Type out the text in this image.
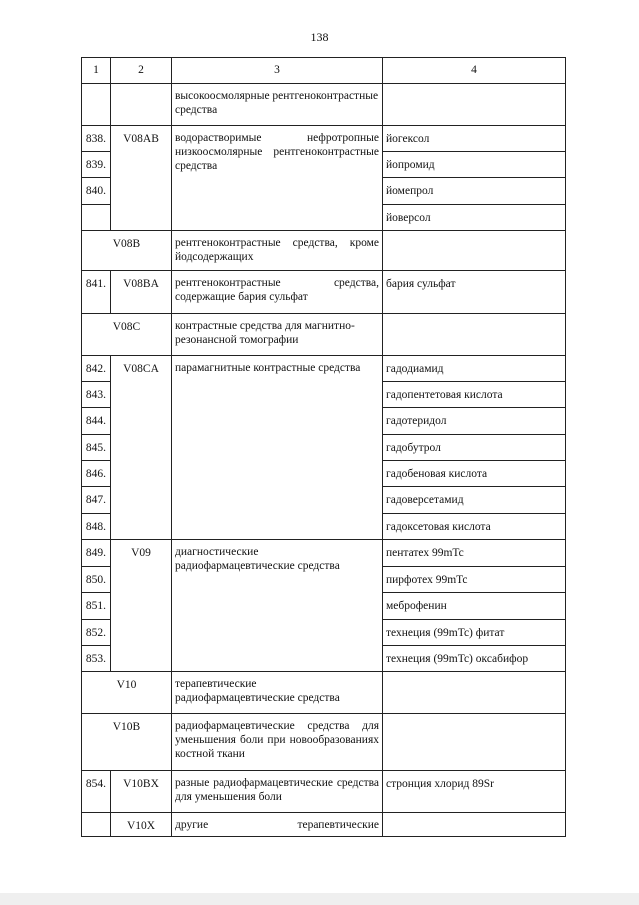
138
1	2	3	4
		высокоосмолярные рентгеноконтрастные средства	
838.	V08AB	водорастворимые нефротропные низкоосмолярные рентгеноконтрастные средства	йогексол
839.			йопромид
840.			йомепрол
			йоверсол
V08B		рентгеноконтрастные средства, кроме йодсодержащих	
841.	V08BA	рентгеноконтрастные средства, содержащие бария сульфат	бария сульфат
V08C		контрастные средства для магнитно-резонансной томографии	
842.	V08CA	парамагнитные контрастные средства	гадодиамид
843.			гадопентетовая кислота
844.			гадотеридол
845.			гадобутрол
846.			гадобеновая кислота
847.			гадоверсетамид
848.			гадоксетовая кислота
849.	V09	диагностические радиофармацевтические средства	пентатех 99mTc
850.			пирфотех 99mTc
851.			меброфенин
852.			технеция (99mTc) фитат
853.			технеция (99mTc) оксабифор
V10		терапевтические радиофармацевтические средства	
V10B		радиофармацевтические средства для уменьшения боли при новообразованиях костной ткани	
854.	V10BX	разные радиофармацевтические средства для уменьшения боли	стронция хлорид 89Sr
	V10X	другие терапевтические	
